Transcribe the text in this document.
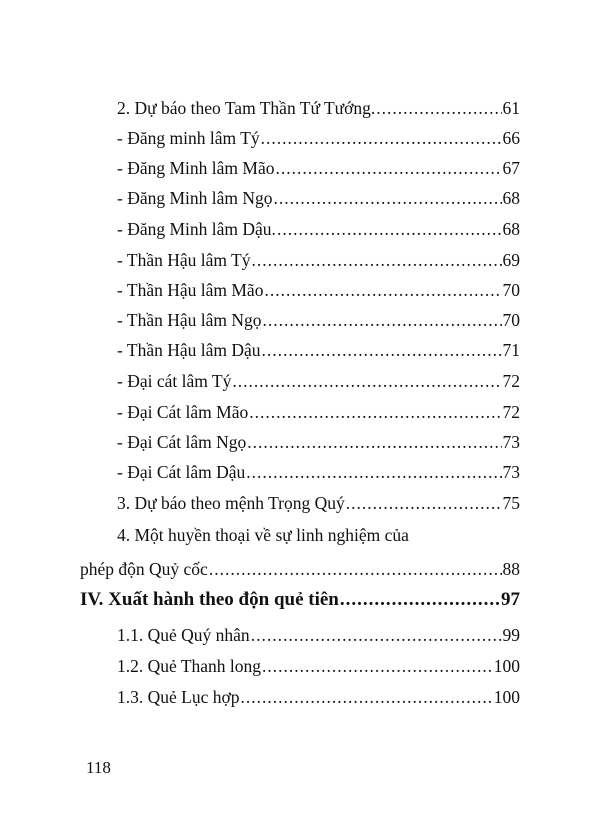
2. Dự báo theo Tam Thần Tứ Tướng. .....	61
- Đăng minh lâm Tý .....	66
- Đăng Minh lâm Mão .....	67
- Đăng Minh lâm Ngọ .....	68
- Đăng Minh lâm Dậu. .....	68
- Thần Hậu lâm Tý .....	69
- Thần Hậu lâm Mão .....	70
- Thần Hậu lâm Ngọ .....	70
- Thần Hậu lâm Dậu .....	71
- Đại cát lâm Tý .....	72
- Đại Cát lâm Mão .....	72
- Đại Cát lâm Ngọ .....	73
- Đại Cát lâm Dậu .....	73
3. Dự báo theo mệnh Trọng Quý .....	75
4. Một huyền thoại về sự linh nghiệm của
phép độn Quỷ cốc .....	88
IV. Xuất hành theo độn quẻ tiên .....	97
1.1. Quẻ Quý nhân .....	99
1.2. Quẻ Thanh long .....	100
1.3. Quẻ Lục hợp .....	100
118
